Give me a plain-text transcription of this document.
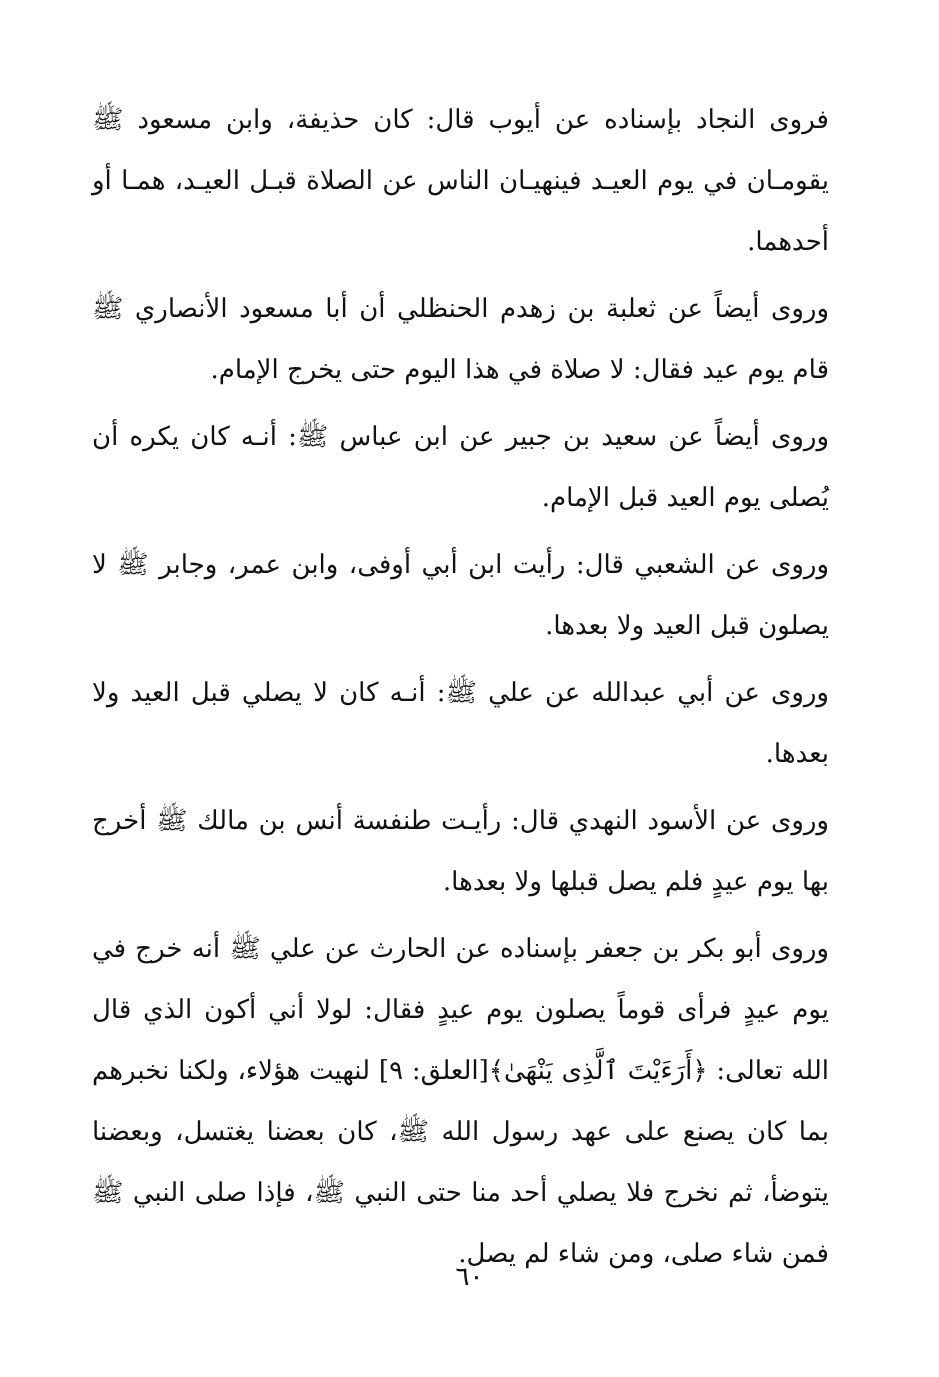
فروى النجاد بإسناده عن أيوب قال: كان حذيفة، وابن مسعود ﷺ يقومـان في يوم العيـد فينهيـان الناس عن الصلاة قبـل العيـد، همـا أو أحدهما.

وروى أيضاً عن ثعلبة بن زهدم الحنظلي أن أبا مسعود الأنصاري ﷺ قام يوم عيد فقال: لا صلاة في هذا اليوم حتى يخرج الإمام.

وروى أيضاً عن سعيد بن جبير عن ابن عباس ﷺ: أنـه كان يكره أن يُصلى يوم العيد قبل الإمام.

وروى عن الشعبي قال: رأيت ابن أبي أوفى، وابن عمر، وجابر ﷺ لا يصلون قبل العيد ولا بعدها.

وروى عن أبي عبدالله عن علي ﷺ: أنـه كان لا يصلي قبل العيد ولا بعدها.

وروى عن الأسود النهدي قال: رأيـت طنفسة أنس بن مالك ﷺ أخرج بها يوم عيدٍ فلم يصل قبلها ولا بعدها.

وروى أبو بكر بن جعفر بإسناده عن الحارث عن علي ﷺ أنه خرج في يوم عيدٍ فرأى قوماً يصلون يوم عيدٍ فقال: لولا أني أكون الذي قال الله تعالى: ﴿أَرَءَيْتَ ٱلَّذِى يَنْهَىٰ﴾[العلق: ٩] لنهيت هؤلاء، ولكنا نخبرهم بما كان يصنع على عهد رسول الله ﷺ، كان بعضنا يغتسل، وبعضنا يتوضأ، ثم نخرج فلا يصلي أحد منا حتى النبي ﷺ، فإذا صلى النبي ﷺ فمن شاء صلى، ومن شاء لم يصل.

٦٠
